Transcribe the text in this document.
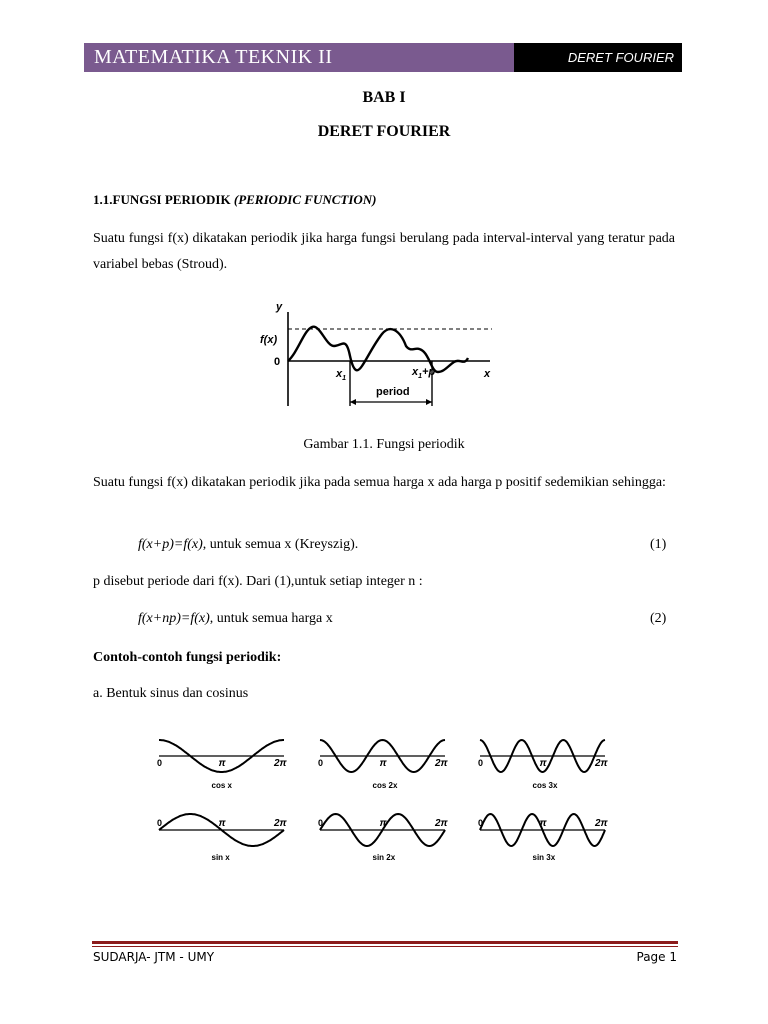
MATEMATIKA TEKNIK II	DERET FOURIER
BAB I
DERET FOURIER
1.1.FUNGSI PERIODIK (PERIODIC FUNCTION)
Suatu fungsi f(x) dikatakan periodik jika harga fungsi berulang pada interval-interval yang teratur pada variabel bebas (Stroud).
y
f(x)
0
x
$x_1$
$x_1+p$
period
Gambar 1.1. Fungsi periodik
Suatu fungsi f(x) dikatakan periodik jika pada semua harga x ada harga p positif sedemikian sehingga:
f(x+p)=f(x), untuk semua x (Kreyszig).	(1)
p disebut periode dari f(x). Dari (1),untuk setiap integer n :
f(x+np)=f(x), untuk semua harga x	(2)
Contoh-contoh fungsi periodik:
a. Bentuk sinus dan cosinus
0	π	2π
cos x
0	π	2π
cos 2x
0	π	2π
cos 3x
0	π	2π
sin x
0	π	2π
sin 2x
0	π	2π
sin 3x
SUDARJA- JTM - UMY	Page 1
